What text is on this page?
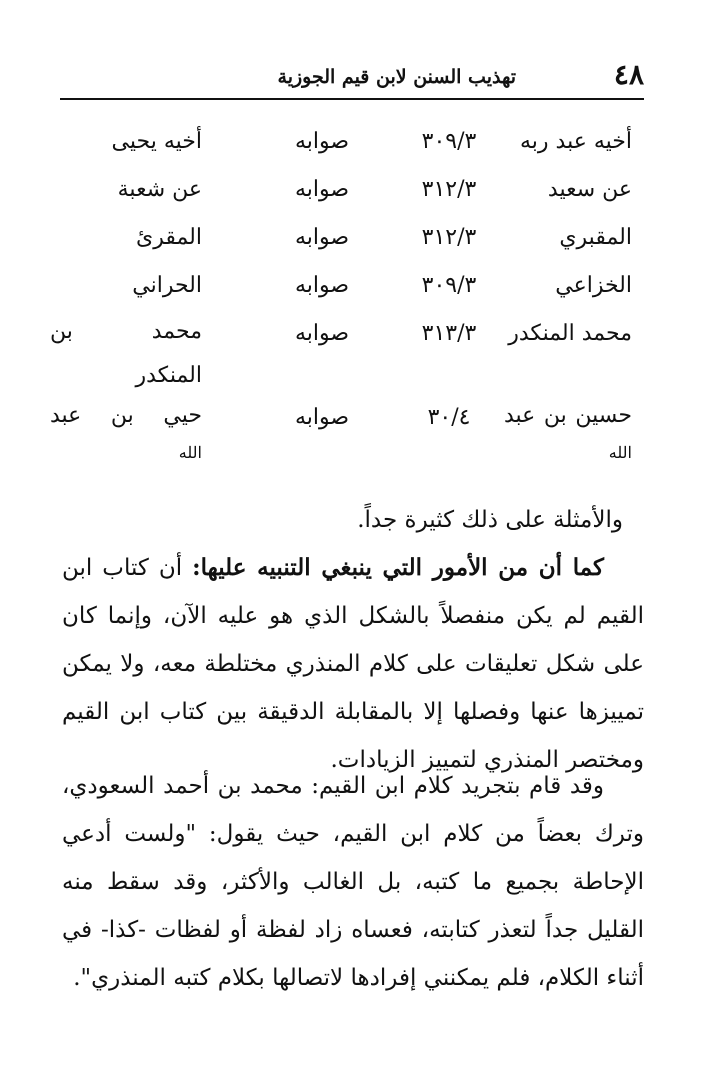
٤٨
تهذيب السنن لابن قيم الجوزية
أخيه عبد ربه
٣٠٩/٣
صوابه
أخيه يحيى
عن سعيد
٣١٢/٣
صوابه
عن شعبة
المقبري
٣١٢/٣
صوابه
المقرئ
الخزاعي
٣٠٩/٣
صوابه
الحراني
محمد المنكدر
٣١٣/٣
صوابه
محمد بن
المنكدر
حسين بن عبد
الله
٣٠/٤
صوابه
حيي بن عبد
الله
والأمثلة على ذلك كثيرة جداً.
كما أن من الأمور التي ينبغي التنبيه عليها: أن كتاب ابن القيم لم يكن منفصلاً بالشكل الذي هو عليه الآن، وإنما كان على شكل تعليقات على كلام المنذري مختلطة معه، ولا يمكن تمييزها عنها وفصلها إلا بالمقابلة الدقيقة بين كتاب ابن القيم ومختصر المنذري لتمييز الزيادات.
وقد قام بتجريد كلام ابن القيم: محمد بن أحمد السعودي، وترك بعضاً من كلام ابن القيم، حيث يقول: "ولست أدعي الإحاطة بجميع ما كتبه، بل الغالب والأكثر، وقد سقط منه القليل جداً لتعذر كتابته، فعساه زاد لفظة أو لفظات -كذا- في أثناء الكلام، فلم يمكنني إفرادها لاتصالها بكلام كتبه المنذري".
